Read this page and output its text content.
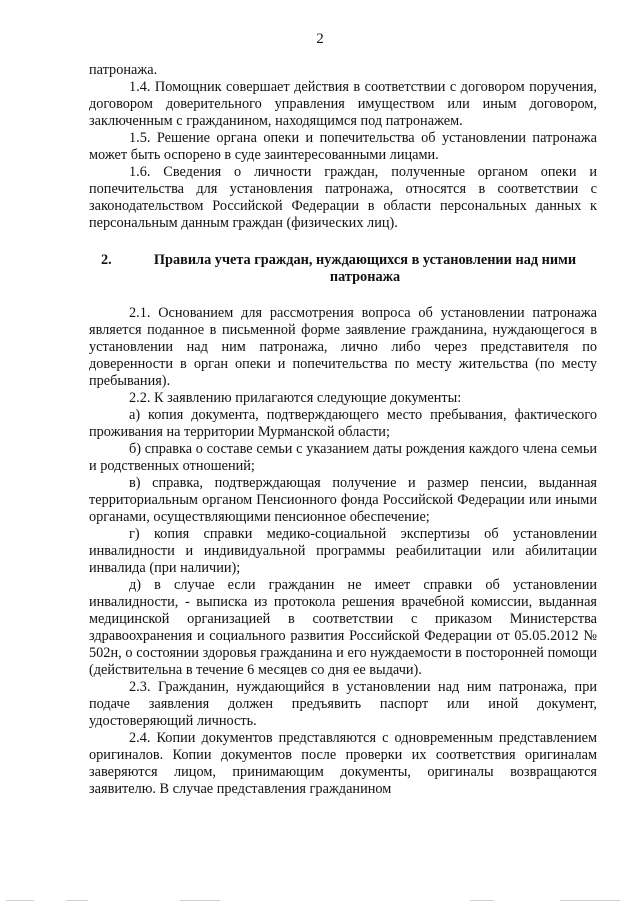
2

патронажа.

1.4. Помощник совершает действия в соответствии с договором поручения, договором доверительного управления имуществом или иным договором, заключенным с гражданином, находящимся под патронажем.

1.5. Решение органа опеки и попечительства об установлении патронажа может быть оспорено в суде заинтересованными лицами.

1.6. Сведения о личности граждан, полученные органом опеки и попечительства для установления патронажа, относятся в соответствии с законодательством Российской Федерации в области персональных данных к персональным данным граждан (физических лиц).

2.	Правила учета граждан, нуждающихся в установлении над ними патронажа

2.1. Основанием для рассмотрения вопроса об установлении патронажа является поданное в письменной форме заявление гражданина, нуждающегося в установлении над ним патронажа, лично либо через представителя по доверенности в орган опеки и попечительства по месту жительства (по месту пребывания).

2.2. К заявлению прилагаются следующие документы:

а) копия документа, подтверждающего место пребывания, фактического проживания на территории Мурманской области;

б) справка о составе семьи с указанием даты рождения каждого члена семьи и родственных отношений;

в) справка, подтверждающая получение и размер пенсии, выданная территориальным органом Пенсионного фонда Российской Федерации или иными органами, осуществляющими пенсионное обеспечение;

г) копия справки медико-социальной экспертизы об установлении инвалидности и индивидуальной программы реабилитации или абилитации инвалида (при наличии);

д) в случае если гражданин не имеет справки об установлении инвалидности, - выписка из протокола решения врачебной комиссии, выданная медицинской организацией в соответствии с приказом Министерства здравоохранения и социального развития Российской Федерации от 05.05.2012 № 502н, о состоянии здоровья гражданина и его нуждаемости в посторонней помощи (действительна в течение 6 месяцев со дня ее выдачи).

2.3. Гражданин, нуждающийся в установлении над ним патронажа, при подаче заявления должен предъявить паспорт или иной документ, удостоверяющий личность.

2.4. Копии документов представляются с одновременным представлением оригиналов. Копии документов после проверки их соответствия оригиналам заверяются лицом, принимающим документы, оригиналы возвращаются заявителю. В случае представления гражданином
